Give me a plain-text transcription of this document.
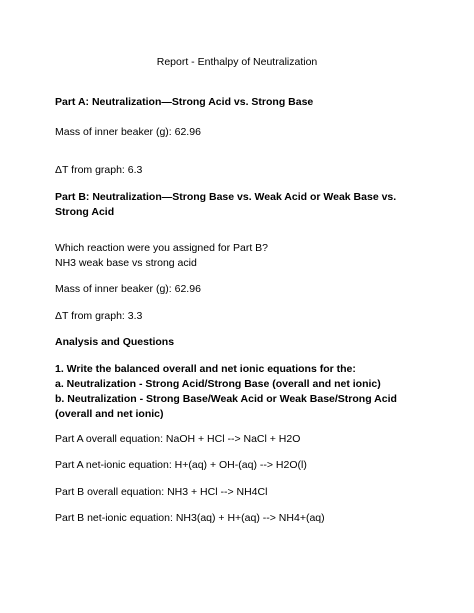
Report - Enthalpy of Neutralization
Part A: Neutralization—Strong Acid vs. Strong Base
Mass of inner beaker (g): 62.96
ΔT from graph: 6.3
Part B: Neutralization—Strong Base vs. Weak Acid or Weak Base vs.
Strong Acid
Which reaction were you assigned for Part B?
NH3 weak base vs strong acid
Mass of inner beaker (g): 62.96
ΔT from graph: 3.3
Analysis and Questions
1. Write the balanced overall and net ionic equations for the:
a. Neutralization - Strong Acid/Strong Base (overall and net ionic)
b. Neutralization - Strong Base/Weak Acid or Weak Base/Strong Acid
(overall and net ionic)
Part A overall equation: NaOH + HCl --> NaCl + H2O
Part A net-ionic equation: H+(aq) + OH-(aq) --> H2O(l)
Part B overall equation: NH3 + HCl --> NH4Cl
Part B net-ionic equation: NH3(aq) + H+(aq) --> NH4+(aq)
